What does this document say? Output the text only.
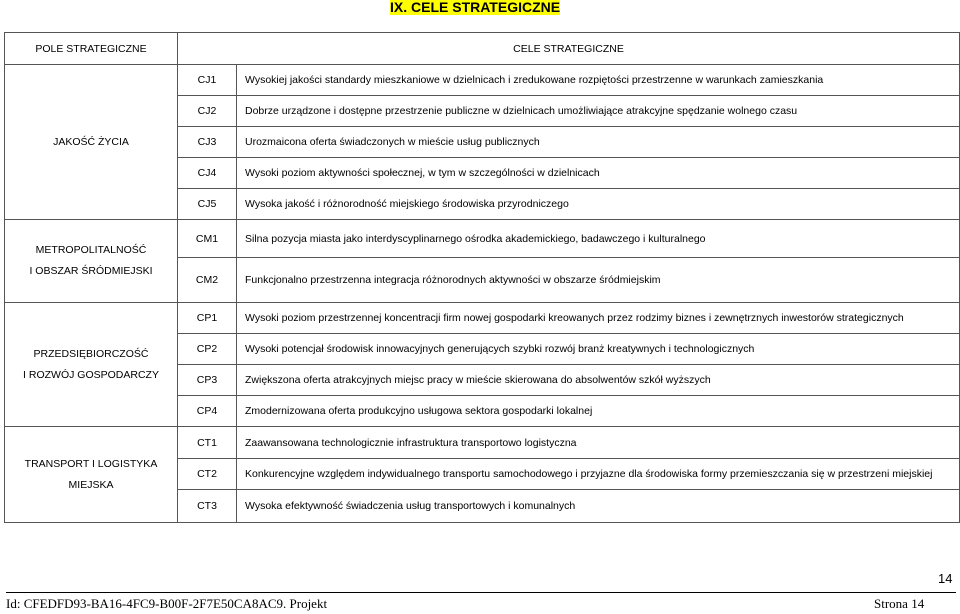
IX. CELE STRATEGICZNE
POLE STRATEGICZNE	CELE STRATEGICZNE	
JAKOŚĆ ŻYCIA	CJ1	Wysokiej jakości standardy mieszkaniowe w dzielnicach i zredukowane rozpiętości przestrzenne w warunkach zamieszkania
	CJ2	Dobrze urządzone i dostępne przestrzenie publiczne w dzielnicach umożliwiające atrakcyjne spędzanie wolnego czasu
	CJ3	Urozmaicona oferta świadczonych w mieście usług publicznych
	CJ4	Wysoki poziom aktywności społecznej, w tym w szczególności w dzielnicach
	CJ5	Wysoka jakość i różnorodność miejskiego środowiska przyrodniczego

METROPOLITALNOŚĆ
I OBSZAR ŚRÓDMIEJSKI	CM1	Silna pozycja miasta jako interdyscyplinarnego ośrodka akademickiego, badawczego i kulturalnego
	CM2	Funkcjonalno przestrzenna integracja różnorodnych aktywności w obszarze śródmiejskim

PRZEDSIĘBIORCZOŚĆ
I ROZWÓJ GOSPODARCZY	CP1	Wysoki poziom przestrzennej koncentracji firm nowej gospodarki kreowanych przez rodzimy biznes i zewnętrznych inwestorów strategicznych
	CP2	Wysoki potencjał środowisk innowacyjnych generujących szybki rozwój branż kreatywnych i technologicznych
	CP3	Zwiększona oferta atrakcyjnych miejsc pracy w mieście skierowana do absolwentów szkół wyższych
	CP4	Zmodernizowana oferta produkcyjno usługowa sektora gospodarki lokalnej

TRANSPORT I LOGISTYKA
MIEJSKA	CT1	Zaawansowana technologicznie infrastruktura transportowo logistyczna
	CT2	Konkurencyjne względem indywidualnego transportu samochodowego i przyjazne dla środowiska formy przemieszczania się w przestrzeni miejskiej
	CT3	Wysoka efektywność świadczenia usług transportowych i komunalnych
14
Id: CFEDFD93-BA16-4FC9-B00F-2F7E50CA8AC9. Projekt	Strona 14
